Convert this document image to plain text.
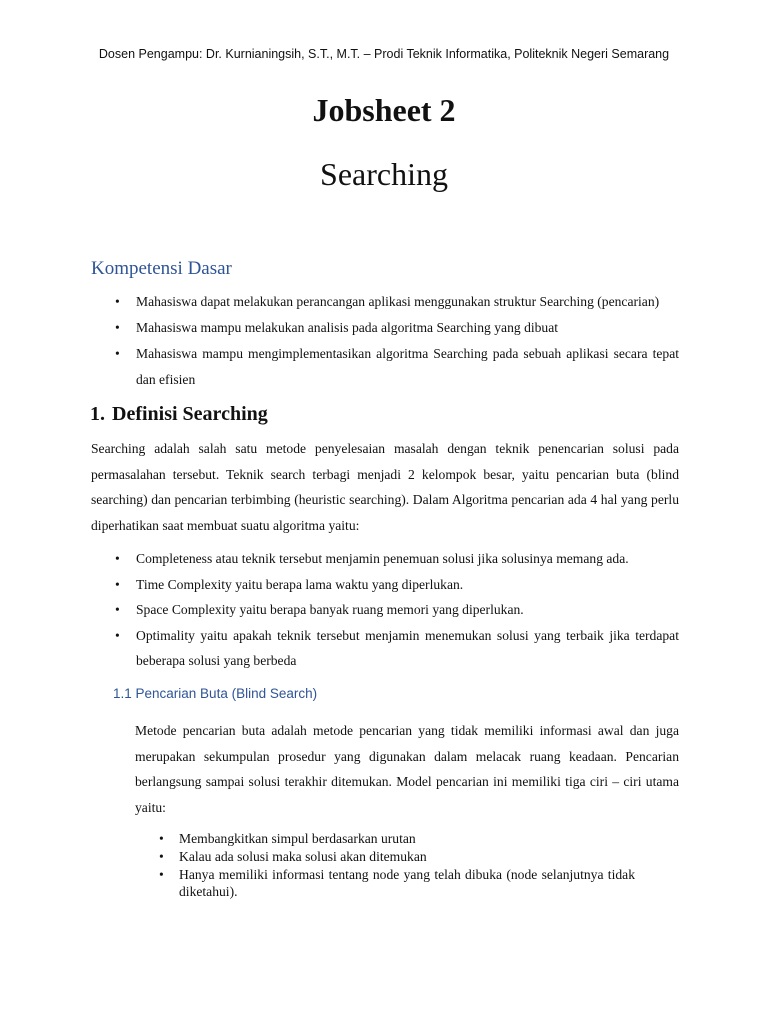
Dosen Pengampu: Dr. Kurnianingsih, S.T., M.T. – Prodi Teknik Informatika, Politeknik Negeri Semarang
Jobsheet 2
Searching
Kompetensi Dasar
• Mahasiswa dapat melakukan perancangan aplikasi menggunakan struktur Searching (pencarian)
• Mahasiswa mampu melakukan analisis pada algoritma Searching yang dibuat
• Mahasiswa mampu mengimplementasikan algoritma Searching pada sebuah aplikasi secara tepat dan efisien
1. Definisi Searching
Searching adalah salah satu metode penyelesaian masalah dengan teknik penencarian solusi pada permasalahan tersebut. Teknik search terbagi menjadi 2 kelompok besar, yaitu pencarian buta (blind searching) dan pencarian terbimbing (heuristic searching). Dalam Algoritma pencarian ada 4 hal yang perlu diperhatikan saat membuat suatu algoritma yaitu:
• Completeness atau teknik tersebut menjamin penemuan solusi jika solusinya memang ada.
• Time Complexity yaitu berapa lama waktu yang diperlukan.
• Space Complexity yaitu berapa banyak ruang memori yang diperlukan.
• Optimality yaitu apakah teknik tersebut menjamin menemukan solusi yang terbaik jika terdapat beberapa solusi yang berbeda
1.1 Pencarian Buta (Blind Search)
Metode pencarian buta adalah metode pencarian yang tidak memiliki informasi awal dan juga merupakan sekumpulan prosedur yang digunakan dalam melacak ruang keadaan. Pencarian berlangsung sampai solusi terakhir ditemukan. Model pencarian ini memiliki tiga ciri – ciri utama yaitu:
• Membangkitkan simpul berdasarkan urutan
• Kalau ada solusi maka solusi akan ditemukan
• Hanya memiliki informasi tentang node yang telah dibuka (node selanjutnya tidak diketahui).
